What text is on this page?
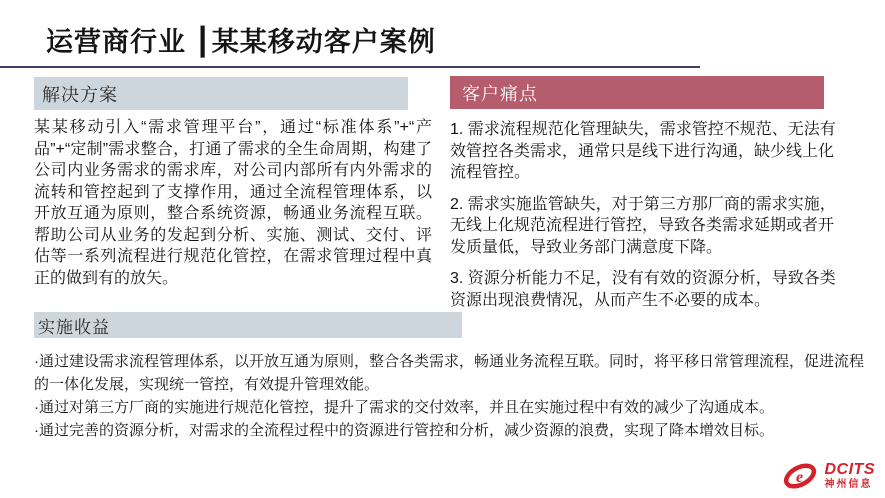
运营商行业 ┃某某移动客户案例
解决方案
某某移动引入“需求管理平台”，通过“标准体系”+“产品”+“定制”需求整合，打通了需求的全生命周期，构建了公司内业务需求的需求库，对公司内部所有内外需求的流转和管控起到了支撑作用，通过全流程管理体系，以开放互通为原则，整合系统资源，畅通业务流程互联。帮助公司从业务的发起到分析、实施、测试、交付、评估等一系列流程进行规范化管控，在需求管理过程中真正的做到有的放矢。
客户痛点

1. 需求流程规范化管理缺失，需求管控不规范、无法有效管控各类需求，通常只是线下进行沟通，缺少线上化流程管控。

2. 需求实施监管缺失，对于第三方那厂商的需求实施，无线上化规范流程进行管控，导致各类需求延期或者开发质量低，导致业务部门满意度下降。

3. 资源分析能力不足，没有有效的资源分析，导致各类资源出现浪费情况，从而产生不必要的成本。

实施收益

·通过建设需求流程管理体系，以开放互通为原则，整合各类需求，畅通业务流程互联。同时，将平移日常管理流程，促进流程的一体化发展，实现统一管控，有效提升管理效能。

·通过对第三方厂商的实施进行规范化管控，提升了需求的交付效率，并且在实施过程中有效的减少了沟通成本。

·通过完善的资源分析，对需求的全流程过程中的资源进行管控和分析，减少资源的浪费，实现了降本增效目标。

e DCITS
神州信息
